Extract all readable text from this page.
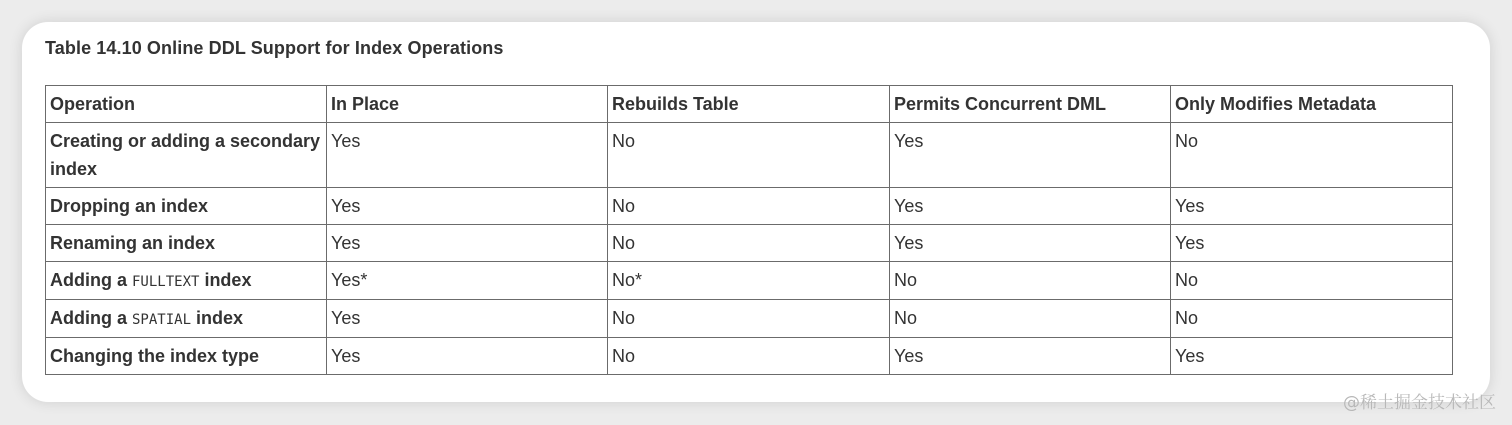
Table 14.10 Online DDL Support for Index Operations
Operation	In Place	Rebuilds Table	Permits Concurrent DML	Only Modifies Metadata
Creating or adding a secondary index	Yes	No	Yes	No
Dropping an index	Yes	No	Yes	Yes
Renaming an index	Yes	No	Yes	Yes
Adding a FULLTEXT index	Yes*	No*	No	No
Adding a SPATIAL index	Yes	No	No	No
Changing the index type	Yes	No	Yes	Yes
@稀土掘金技术社区
